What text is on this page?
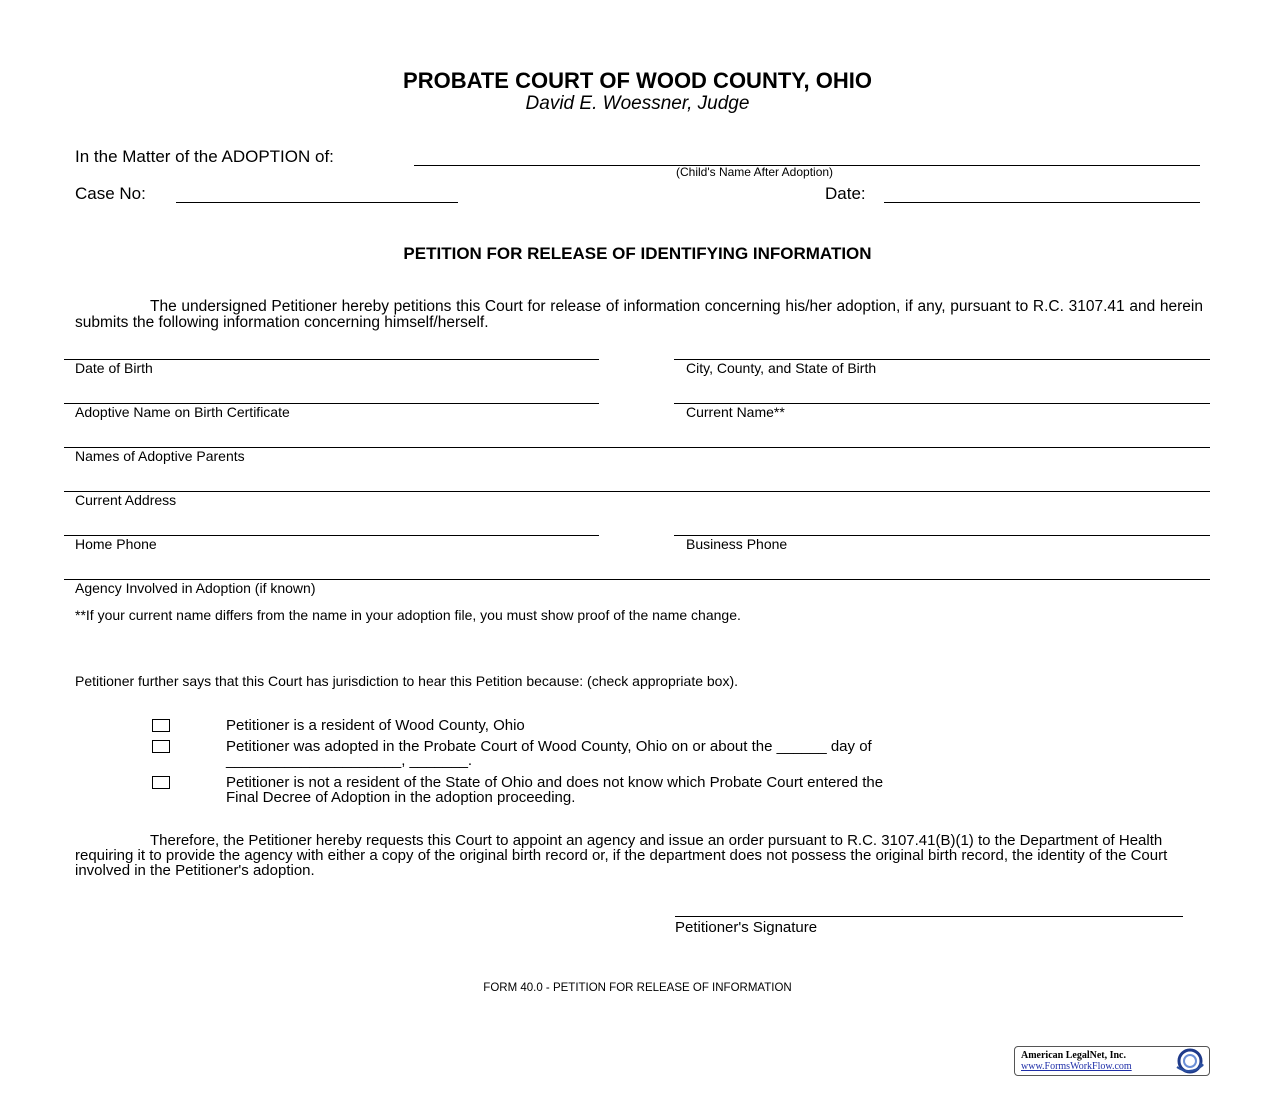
PROBATE COURT OF WOOD COUNTY, OHIO
David E. Woessner, Judge
In the Matter of the ADOPTION of:
(Child's Name After Adoption)
Case No:	Date:
PETITION FOR RELEASE OF IDENTIFYING INFORMATION
The undersigned Petitioner hereby petitions this Court for release of information concerning his/her adoption, if any, pursuant to R.C. 3107.41 and herein submits the following information concerning himself/herself.
Date of Birth	City, County, and State of Birth
Adoptive Name on Birth Certificate	Current Name**
Names of Adoptive Parents
Current Address
Home Phone	Business Phone
Agency Involved in Adoption (if known)
**If your current name differs from the name in your adoption file, you must show proof of the name change.
Petitioner further says that this Court has jurisdiction to hear this Petition because: (check appropriate box).
Petitioner is a resident of Wood County, Ohio
Petitioner was adopted in the Probate Court of Wood County, Ohio on or about the ______ day of
_____________________, _______.
Petitioner is not a resident of the State of Ohio and does not know which Probate Court entered the
Final Decree of Adoption in the adoption proceeding.
Therefore, the Petitioner hereby requests this Court to appoint an agency and issue an order pursuant to R.C. 3107.41(B)(1) to the Department of Health requiring it to provide the agency with either a copy of the original birth record or, if the department does not possess the original birth record, the identity of the Court involved in the Petitioner's adoption.
Petitioner's Signature
FORM 40.0 - PETITION FOR RELEASE OF INFORMATION
American LegalNet, Inc.
www.FormsWorkFlow.com
